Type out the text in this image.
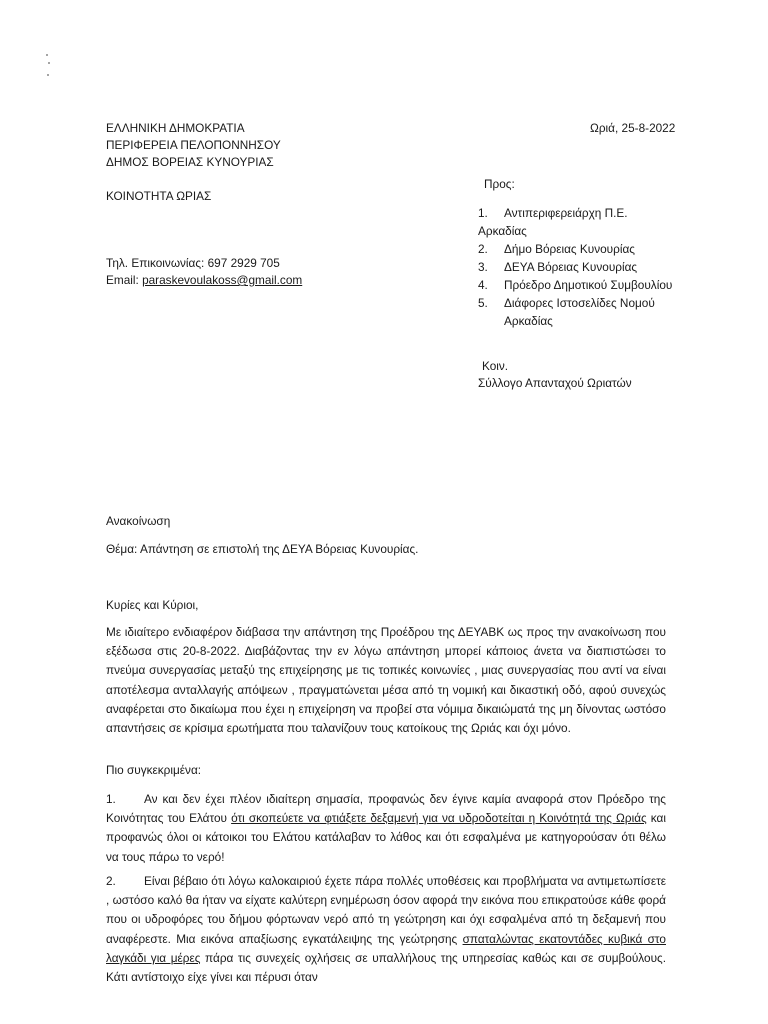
ΕΛΛΗΝΙΚΗ ΔΗΜΟΚΡΑΤΙΑ
ΠΕΡΙΦΕΡΕΙΑ ΠΕΛΟΠΟΝΝΗΣΟΥ
ΔΗΜΟΣ ΒΟΡΕΙΑΣ ΚΥΝΟΥΡΙΑΣ
ΚΟΙΝΟΤΗΤΑ ΩΡΙΑΣ
Τηλ. Επικοινωνίας: 697 2929 705
Email: paraskevoulakoss@gmail.com
Ωριά, 25-8-2022
Προς:
1. Αντιπεριφερειάρχη Π.Ε.
Αρκαδίας
2. Δήμο Βόρειας Κυνουρίας
3. ΔΕΥΑ Βόρειας Κυνουρίας
4. Πρόεδρο Δημοτικού Συμβουλίου
5. Διάφορες Ιστοσελίδες Νομού Αρκαδίας
Κοιν.
Σύλλογο Απανταχού Ωριατών
Ανακοίνωση
Θέμα: Απάντηση σε επιστολή της ΔΕΥΑ Βόρειας Κυνουρίας.
Κυρίες και Κύριοι,
Με ιδιαίτερο ενδιαφέρον διάβασα την απάντηση της Προέδρου της ΔΕΥΑΒΚ ως προς την ανακοίνωση που εξέδωσα στις 20-8-2022. Διαβάζοντας την εν λόγω απάντηση μπορεί κάποιος άνετα να διαπιστώσει το πνεύμα συνεργασίας μεταξύ της επιχείρησης με τις τοπικές κοινωνίες , μιας συνεργασίας που αντί να είναι αποτέλεσμα ανταλλαγής απόψεων , πραγματώνεται μέσα από τη νομική και δικαστική οδό, αφού συνεχώς αναφέρεται στο δικαίωμα που έχει η επιχείρηση να προβεί στα νόμιμα δικαιώματά της μη δίνοντας ωστόσο απαντήσεις σε κρίσιμα ερωτήματα που ταλανίζουν τους κατοίκους της Ωριάς και όχι μόνο.
Πιο συγκεκριμένα:
1. Αν και δεν έχει πλέον ιδιαίτερη σημασία, προφανώς δεν έγινε καμία αναφορά στον Πρόεδρο της Κοινότητας του Ελάτου ότι σκοπεύετε να φτιάξετε δεξαμενή για να υδροδοτείται η Κοινότητά της Ωριάς και προφανώς όλοι οι κάτοικοι του Ελάτου κατάλαβαν το λάθος και ότι εσφαλμένα με κατηγορούσαν ότι θέλω να τους πάρω το νερό!
2. Είναι βέβαιο ότι λόγω καλοκαιριού έχετε πάρα πολλές υποθέσεις και προβλήματα να αντιμετωπίσετε , ωστόσο καλό θα ήταν να είχατε καλύτερη ενημέρωση όσον αφορά την εικόνα που επικρατούσε κάθε φορά που οι υδροφόρες του δήμου φόρτωναν νερό από τη γεώτρηση και όχι εσφαλμένα από τη δεξαμενή που αναφέρεστε. Μια εικόνα απαξίωσης εγκατάλειψης της γεώτρησης σπαταλώντας εκατοντάδες κυβικά στο λαγκάδι για μέρες πάρα τις συνεχείς οχλήσεις σε υπαλλήλους της υπηρεσίας καθώς και σε συμβούλους. Κάτι αντίστοιχο είχε γίνει και πέρυσι όταν
